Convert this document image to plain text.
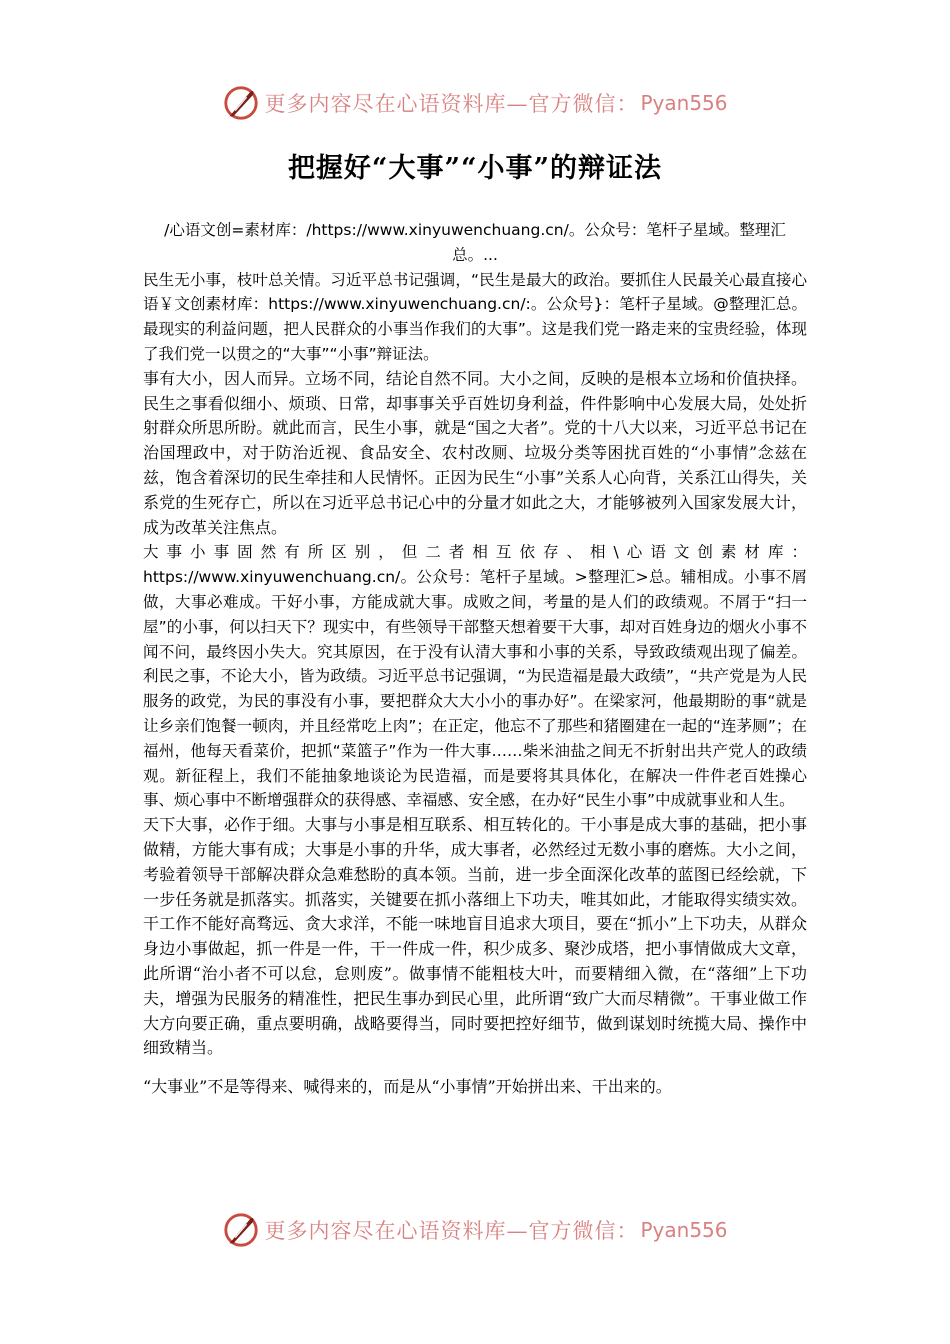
更多内容尽在心语资料库—官方微信： Pyan556
把握好“大事”“小事”的辩证法

/心语文创=素材库：/https://www.xinyuwenchuang.cn/。公众号：笔杆子星域。整理汇总。...

民生无小事，枝叶总关情。习近平总书记强调，“民生是最大的政治。要抓住人民最关心最直接心语￥文创素材库：https://www.xinyuwenchuang.cn/:。公众号}：笔杆子星域。@整理汇总。最现实的利益问题，把人民群众的小事当作我们的大事”。这是我们党一路走来的宝贵经验，体现了我们党一以贯之的“大事”“小事”辩证法。

事有大小，因人而异。立场不同，结论自然不同。大小之间，反映的是根本立场和价值抉择。民生之事看似细小、烦琐、日常，却事事关乎百姓切身利益，件件影响中心发展大局，处处折射群众所思所盼。就此而言，民生小事，就是“国之大者”。党的十八大以来，习近平总书记在治国理政中，对于防治近视、食品安全、农村改厕、垃圾分类等困扰百姓的“小事情”念兹在兹，饱含着深切的民生牵挂和人民情怀。正因为民生“小事”关系人心向背，关系江山得失，关系党的生死存亡，所以在习近平总书记心中的分量才如此之大，才能够被列入国家发展大计，成为改革关注焦点。

大事小事固然有所区别，但二者相互依存、相\心语文创素材库：https://www.xinyuwenchuang.cn/。公众号：笔杆子星域。>整理汇>总。辅相成。小事不屑做，大事必难成。干好小事，方能成就大事。成败之间，考量的是人们的政绩观。不屑于“扫一屋”的小事，何以扫天下？现实中，有些领导干部整天想着要干大事，却对百姓身边的烟火小事不闻不问，最终因小失大。究其原因，在于没有认清大事和小事的关系，导致政绩观出现了偏差。利民之事，不论大小，皆为政绩。习近平总书记强调，“为民造福是最大政绩”，“共产党是为人民服务的政党，为民的事没有小事，要把群众大大小小的事办好”。在梁家河，他最期盼的事“就是让乡亲们饱餐一顿肉，并且经常吃上肉”；在正定，他忘不了那些和猪圈建在一起的“连茅厕”；在福州，他每天看菜价，把抓“菜篮子”作为一件大事……柴米油盐之间无不折射出共产党人的政绩观。新征程上，我们不能抽象地谈论为民造福，而是要将其具体化，在解决一件件老百姓操心事、烦心事中不断增强群众的获得感、幸福感、安全感，在办好“民生小事”中成就事业和人生。

天下大事，必作于细。大事与小事是相互联系、相互转化的。干小事是成大事的基础，把小事做精，方能大事有成；大事是小事的升华，成大事者，必然经过无数小事的磨炼。大小之间，考验着领导干部解决群众急难愁盼的真本领。当前，进一步全面深化改革的蓝图已经绘就，下一步任务就是抓落实。抓落实，关键要在抓小落细上下功夫，唯其如此，才能取得实绩实效。干工作不能好高骛远、贪大求洋，不能一味地盲目追求大项目，要在“抓小”上下功夫，从群众身边小事做起，抓一件是一件，干一件成一件，积少成多、聚沙成塔，把小事情做成大文章，此所谓“治小者不可以怠，怠则废”。做事情不能粗枝大叶，而要精细入微，在“落细”上下功夫，增强为民服务的精准性，把民生事办到民心里，此所谓“致广大而尽精微”。干事业做工作大方向要正确，重点要明确，战略要得当，同时要把控好细节，做到谋划时统揽大局、操作中细致精当。

“大事业”不是等得来、喊得来的，而是从“小事情”开始拼出来、干出来的。

更多内容尽在心语资料库—官方微信： Pyan556
